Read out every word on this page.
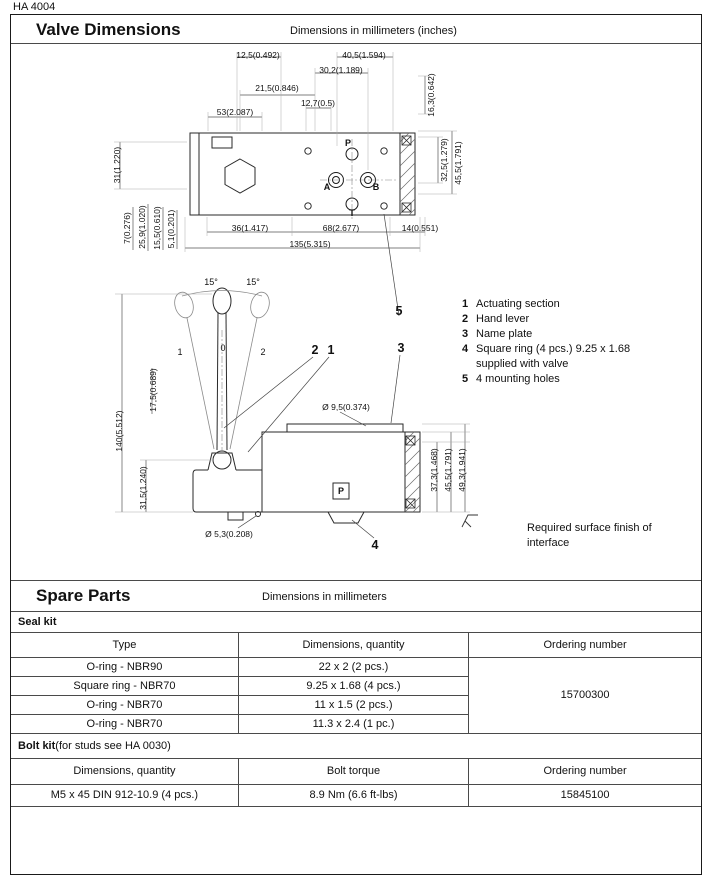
HA 4004
Valve Dimensions	Dimensions in millimeters (inches)
12,5(0.492)	40,5(1.594)
30,2(1.189)
21,5(0.846)
12,7(0.5)
53(2.087)	16,3(0.642)
31(1.220)	32,5(1.279) 45,5(1.791)
7(0.276) 25,9(1.020) 15,5(0.610) 5,1(0.201)	36(1.417)	68(2.677)	14(0.551)
135(5.315)
P
A	B
T
15°	15°
1	0	2
17,5(0.689)
140(5.512)
31,5(1.240)
Ø 9,5(0.374)
Ø 5,3(0.208)
37,3(1.468) 45,5(1.791) 49,3(1.941)
P
2 1	3
5
4
1 Actuating section
2 Hand lever
3 Name plate
4 Square ring (4 pcs.) 9.25 x 1.68
supplied with valve
5 4 mounting holes
Required surface finish of
interface
Spare Parts	Dimensions in millimeters
Seal kit
Type	Dimensions, quantity	Ordering number
O-ring - NBR90	22 x 2 (2 pcs.)	15700300
Square ring - NBR70	9.25 x 1.68 (4 pcs.)	
O-ring - NBR70	11 x 1.5 (2 pcs.)	
O-ring - NBR70	11.3 x 2.4 (1 pc.)	
Bolt kit (for studs see HA 0030)
Dimensions, quantity	Bolt torque	Ordering number
M5 x 45 DIN 912-10.9 (4 pcs.)	8.9 Nm (6.6 ft-lbs)	15845100
